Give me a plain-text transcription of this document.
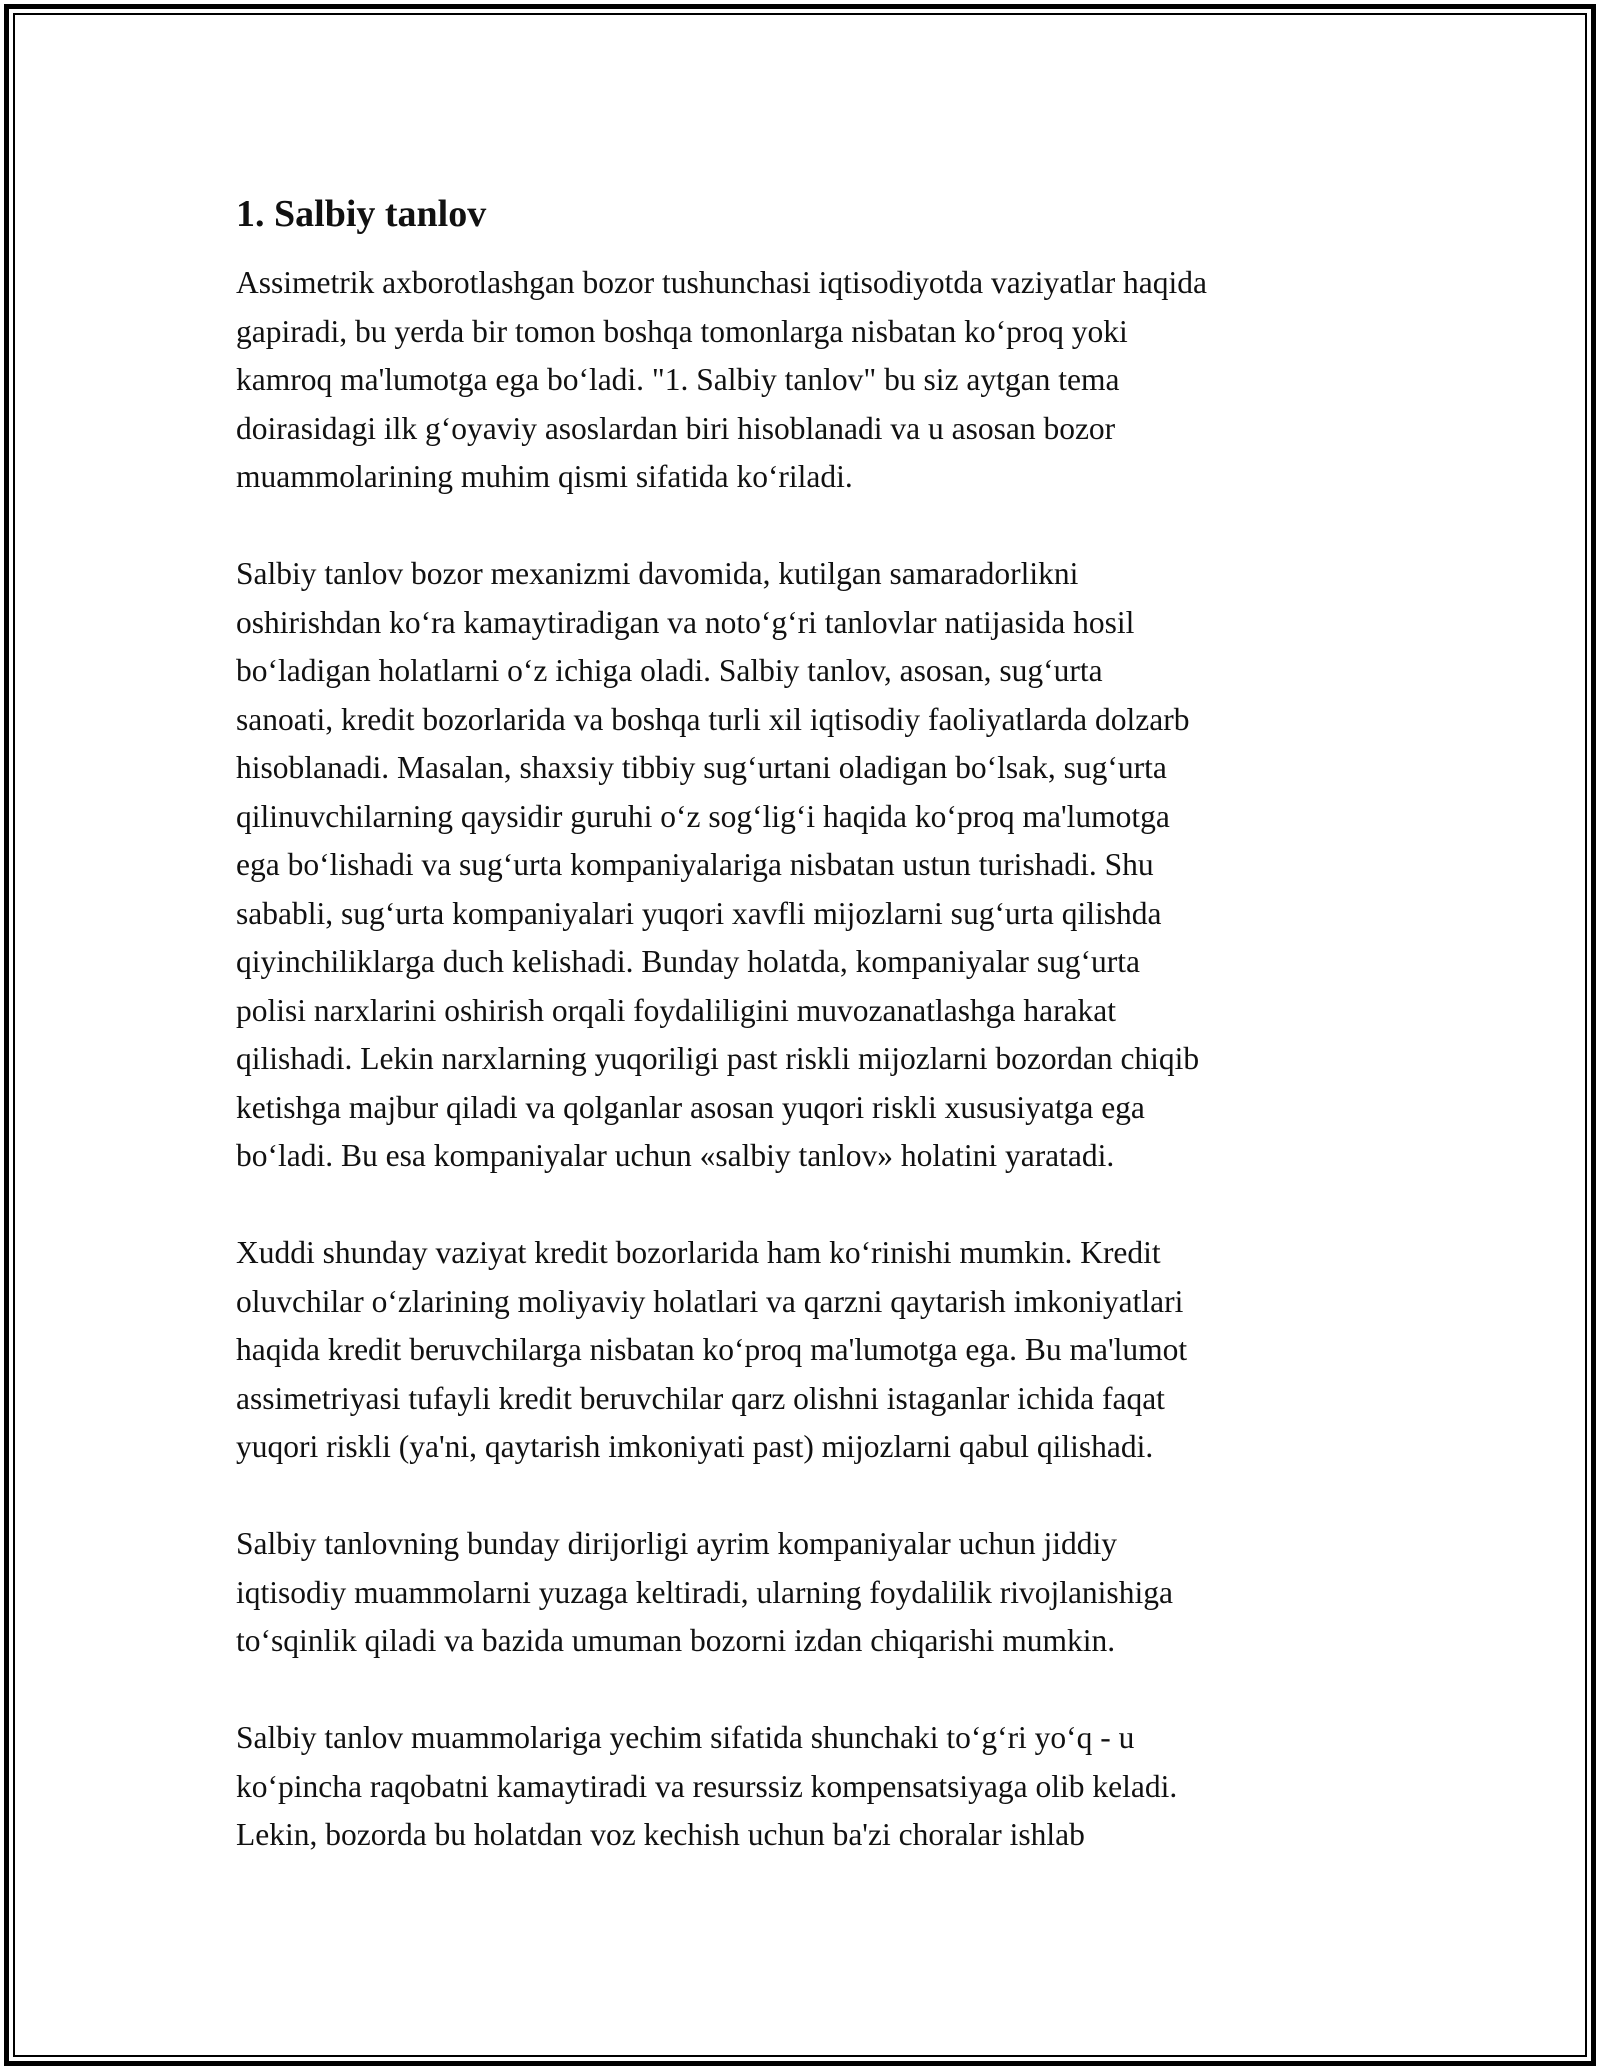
1. Salbiy tanlov
Assimetrik axborotlashgan bozor tushunchasi iqtisodiyotda vaziyatlar haqida
gapiradi, bu yerda bir tomon boshqa tomonlarga nisbatan koʻproq yoki
kamroq ma'lumotga ega boʻladi. "1. Salbiy tanlov" bu siz aytgan tema
doirasidagi ilk gʻoyaviy asoslardan biri hisoblanadi va u asosan bozor
muammolarining muhim qismi sifatida koʻriladi.
Salbiy tanlov bozor mexanizmi davomida, kutilgan samaradorlikni
oshirishdan koʻra kamaytiradigan va notoʻgʻri tanlovlar natijasida hosil
boʻladigan holatlarni oʻz ichiga oladi. Salbiy tanlov, asosan, sugʻurta
sanoati, kredit bozorlarida va boshqa turli xil iqtisodiy faoliyatlarda dolzarb
hisoblanadi. Masalan, shaxsiy tibbiy sugʻurtani oladigan boʻlsak, sugʻurta
qilinuvchilarning qaysidir guruhi oʻz sogʻligʻi haqida koʻproq ma'lumotga
ega boʻlishadi va sugʻurta kompaniyalariga nisbatan ustun turishadi. Shu
sababli, sugʻurta kompaniyalari yuqori xavfli mijozlarni sugʻurta qilishda
qiyinchiliklarga duch kelishadi. Bunday holatda, kompaniyalar sugʻurta
polisi narxlarini oshirish orqali foydaliligini muvozanatlashga harakat
qilishadi. Lekin narxlarning yuqoriligi past riskli mijozlarni bozordan chiqib
ketishga majbur qiladi va qolganlar asosan yuqori riskli xususiyatga ega
boʻladi. Bu esa kompaniyalar uchun «salbiy tanlov» holatini yaratadi.
Xuddi shunday vaziyat kredit bozorlarida ham koʻrinishi mumkin. Kredit
oluvchilar oʻzlarining moliyaviy holatlari va qarzni qaytarish imkoniyatlari
haqida kredit beruvchilarga nisbatan koʻproq ma'lumotga ega. Bu ma'lumot
assimetriyasi tufayli kredit beruvchilar qarz olishni istaganlar ichida faqat
yuqori riskli (ya'ni, qaytarish imkoniyati past) mijozlarni qabul qilishadi.
Salbiy tanlovning bunday dirijorligi ayrim kompaniyalar uchun jiddiy
iqtisodiy muammolarni yuzaga keltiradi, ularning foydalilik rivojlanishiga
toʻsqinlik qiladi va bazida umuman bozorni izdan chiqarishi mumkin.
Salbiy tanlov muammolariga yechim sifatida shunchaki toʻgʻri yoʻq - u
koʻpincha raqobatni kamaytiradi va resurssiz kompensatsiyaga olib keladi.
Lekin, bozorda bu holatdan voz kechish uchun ba'zi choralar ishlab
